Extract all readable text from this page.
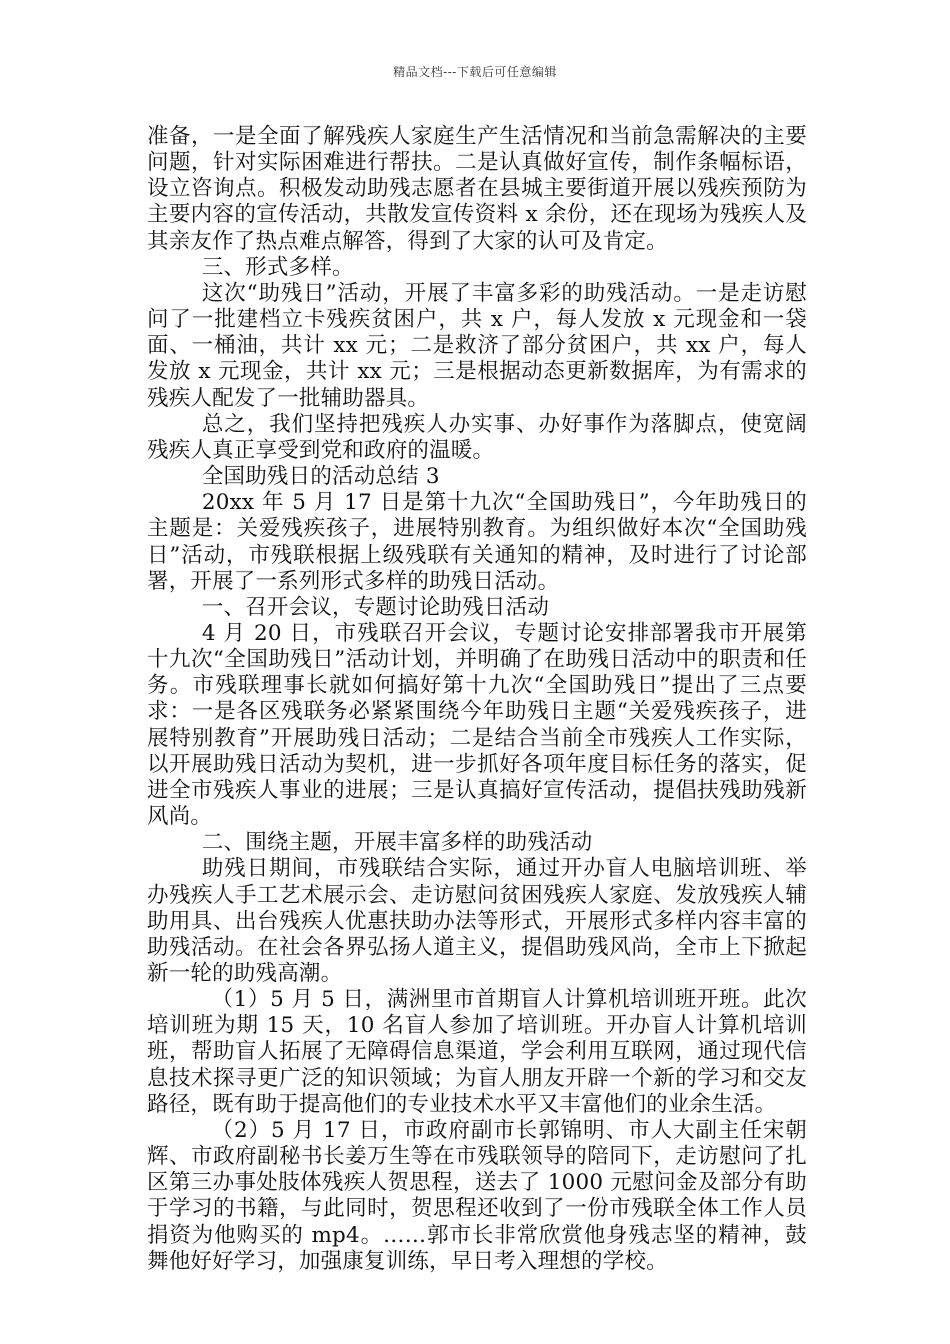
精品文档---下载后可任意编辑

准备，一是全面了解残疾人家庭生产生活情况和当前急需解决的主要问题，针对实际困难进行帮扶。二是认真做好宣传，制作条幅标语，设立咨询点。积极发动助残志愿者在县城主要街道开展以残疾预防为主要内容的宣传活动，共散发宣传资料 x 余份，还在现场为残疾人及其亲友作了热点难点解答，得到了大家的认可及肯定。

三、形式多样。

这次“助残日”活动，开展了丰富多彩的助残活动。一是走访慰问了一批建档立卡残疾贫困户，共 x 户，每人发放 x 元现金和一袋面、一桶油，共计 xx 元；二是救济了部分贫困户，共 xx 户，每人发放 x 元现金，共计 xx 元；三是根据动态更新数据库，为有需求的残疾人配发了一批辅助器具。

总之，我们坚持把残疾人办实事、办好事作为落脚点，使宽阔残疾人真正享受到党和政府的温暖。

全国助残日的活动总结 3

20xx 年 5 月 17 日是第十九次“全国助残日”，今年助残日的主题是：关爱残疾孩子，进展特别教育。为组织做好本次“全国助残日”活动，市残联根据上级残联有关通知的精神，及时进行了讨论部署，开展了一系列形式多样的助残日活动。

一、召开会议，专题讨论助残日活动

4 月 20 日，市残联召开会议，专题讨论安排部署我市开展第十九次“全国助残日”活动计划，并明确了在助残日活动中的职责和任务。市残联理事长就如何搞好第十九次“全国助残日”提出了三点要求：一是各区残联务必紧紧围绕今年助残日主题“关爱残疾孩子，进展特别教育”开展助残日活动；二是结合当前全市残疾人工作实际，以开展助残日活动为契机，进一步抓好各项年度目标任务的落实，促进全市残疾人事业的进展；三是认真搞好宣传活动，提倡扶残助残新风尚。

二、围绕主题，开展丰富多样的助残活动

助残日期间，市残联结合实际，通过开办盲人电脑培训班、举办残疾人手工艺术展示会、走访慰问贫困残疾人家庭、发放残疾人辅助用具、出台残疾人优惠扶助办法等形式，开展形式多样内容丰富的助残活动。在社会各界弘扬人道主义，提倡助残风尚，全市上下掀起新一轮的助残高潮。

（1）5 月 5 日，满洲里市首期盲人计算机培训班开班。此次培训班为期 15 天，10 名盲人参加了培训班。开办盲人计算机培训班，帮助盲人拓展了无障碍信息渠道，学会利用互联网，通过现代信息技术探寻更广泛的知识领域；为盲人朋友开辟一个新的学习和交友路径，既有助于提高他们的专业技术水平又丰富他们的业余生活。

（2）5 月 17 日，市政府副市长郭锦明、市人大副主任宋朝辉、市政府副秘书长姜万生等在市残联领导的陪同下，走访慰问了扎区第三办事处肢体残疾人贺思程，送去了 1000 元慰问金及部分有助于学习的书籍，与此同时，贺思程还收到了一份市残联全体工作人员捐资为他购买的 mp4。……郭市长非常欣赏他身残志坚的精神，鼓舞他好好学习，加强康复训练，早日考入理想的学校。
